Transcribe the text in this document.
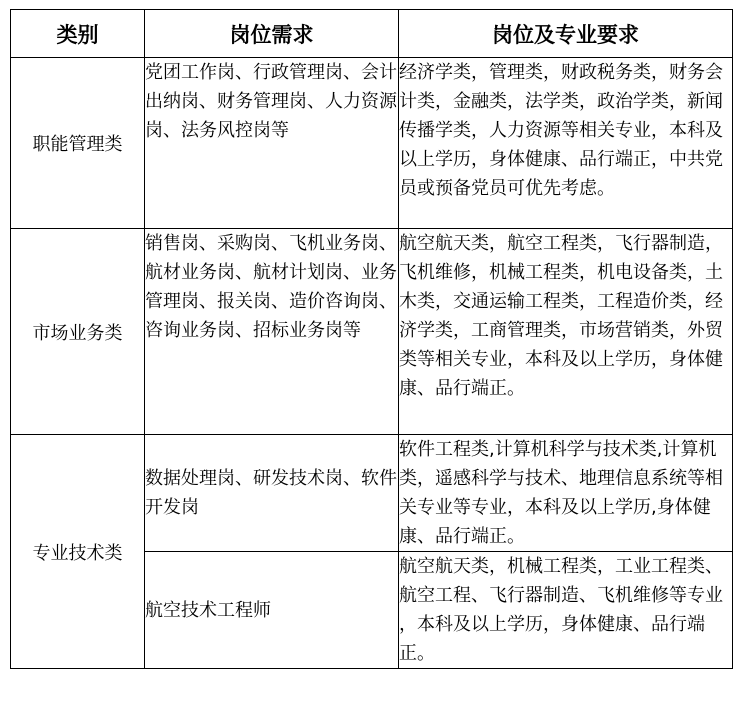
类别	岗位需求	岗位及专业要求
职能管理类	党团工作岗、行政管理岗、会计出纳岗、财务管理岗、人力资源岗、法务风控岗等	经济学类，管理类，财政税务类，财务会计类，金融类，法学类，政治学类，新闻传播学类，人力资源等相关专业，本科及以上学历，身体健康、品行端正，中共党员或预备党员可优先考虑。
市场业务类	销售岗、采购岗、飞机业务岗、航材业务岗、航材计划岗、业务管理岗、报关岗、造价咨询岗、咨询业务岗、招标业务岗等	航空航天类，航空工程类，飞行器制造，飞机维修，机械工程类，机电设备类，土木类，交通运输工程类，工程造价类，经济学类，工商管理类，市场营销类，外贸类等相关专业，本科及以上学历，身体健康、品行端正。
专业技术类	数据处理岗、研发技术岗、软件开发岗	软件工程类,计算机科学与技术类,计算机类，遥感科学与技术、地理信息系统等相关专业等专业，本科及以上学历,身体健康、品行端正。
	航空技术工程师	航空航天类，机械工程类，工业工程类、航空工程、飞行器制造、飞机维修等专业 ，本科及以上学历，身体健康、品行端正。
